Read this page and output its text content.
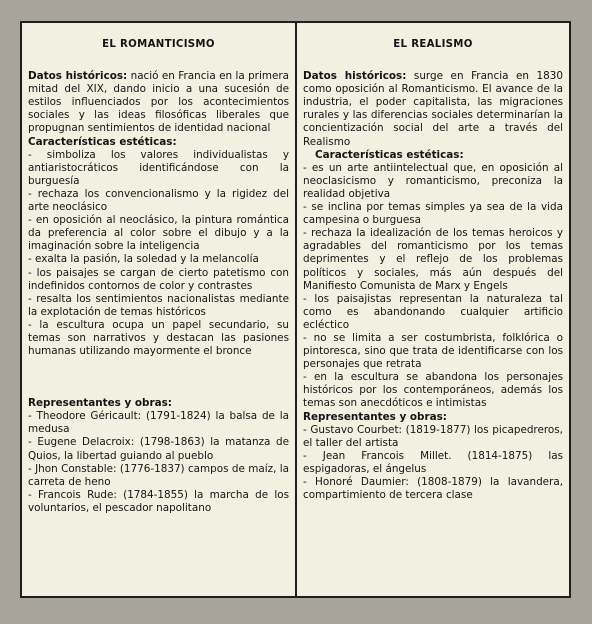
EL ROMANTICISMO

Datos históricos: nació en Francia en la primera mitad del XIX, dando inicio a una sucesión de estilos influenciados por los acontecimientos sociales y las ideas filosóficas liberales que propugnan sentimientos de identidad nacional

Características estéticas:

- simboliza los valores individualistas y antiaristocráticos identificándose con la burguesía
- rechaza los convencionalismo y la rigidez del arte neoclásico
- en oposición al neoclásico, la pintura romántica da preferencia al color sobre el dibujo y a la imaginación sobre la inteligencia
- exalta la pasión, la soledad y la melancolía
- los paisajes se cargan de cierto patetismo con indefinidos contornos de color y contrastes
- resalta los sentimientos nacionalistas mediante la explotación de temas históricos
- la escultura ocupa un papel secundario, su temas son narrativos y destacan las pasiones humanas utilizando mayormente el bronce

Representantes y obras:

- Theodore Géricault: (1791-1824) la balsa de la medusa
- Eugene Delacroix: (1798-1863) la matanza de Quios, la libertad guiando al pueblo
- Jhon Constable: (1776-1837) campos de maíz, la carreta de heno
- Francois Rude: (1784-1855) la marcha de los voluntarios, el pescador napolitano
EL REALISMO

Datos históricos: surge en Francia en 1830 como oposición al Romanticismo. El avance de la industria, el poder capitalista, las migraciones rurales y las diferencias sociales determinarían la concientización social del arte a través del Realismo

Características estéticas:

- es un arte antiintelectual que, en oposición al neoclasicismo y romanticismo, preconiza la realidad objetiva
- se inclina por temas simples ya sea de la vida campesina o burguesa
- rechaza la idealización de los temas heroicos y agradables del romanticismo por los temas deprimentes y el reflejo de los problemas políticos y sociales, más aún después del Manifiesto Comunista de Marx y Engels
- los paisajistas representan la naturaleza tal como es abandonando cualquier artificio ecléctico
- no se limita a ser costumbrista, folklórica o pintoresca, sino que trata de identificarse con los personajes que retrata
- en la escultura se abandona los personajes históricos por los contemporáneos, además los temas son anecdóticos e intimistas

Representantes y obras:

- Gustavo Courbet: (1819-1877) los picapedreros, el taller del artista
- Jean Francois Millet. (1814-1875) las espigadoras, el ángelus
- Honoré Daumier: (1808-1879) la lavandera, compartimiento de tercera clase
